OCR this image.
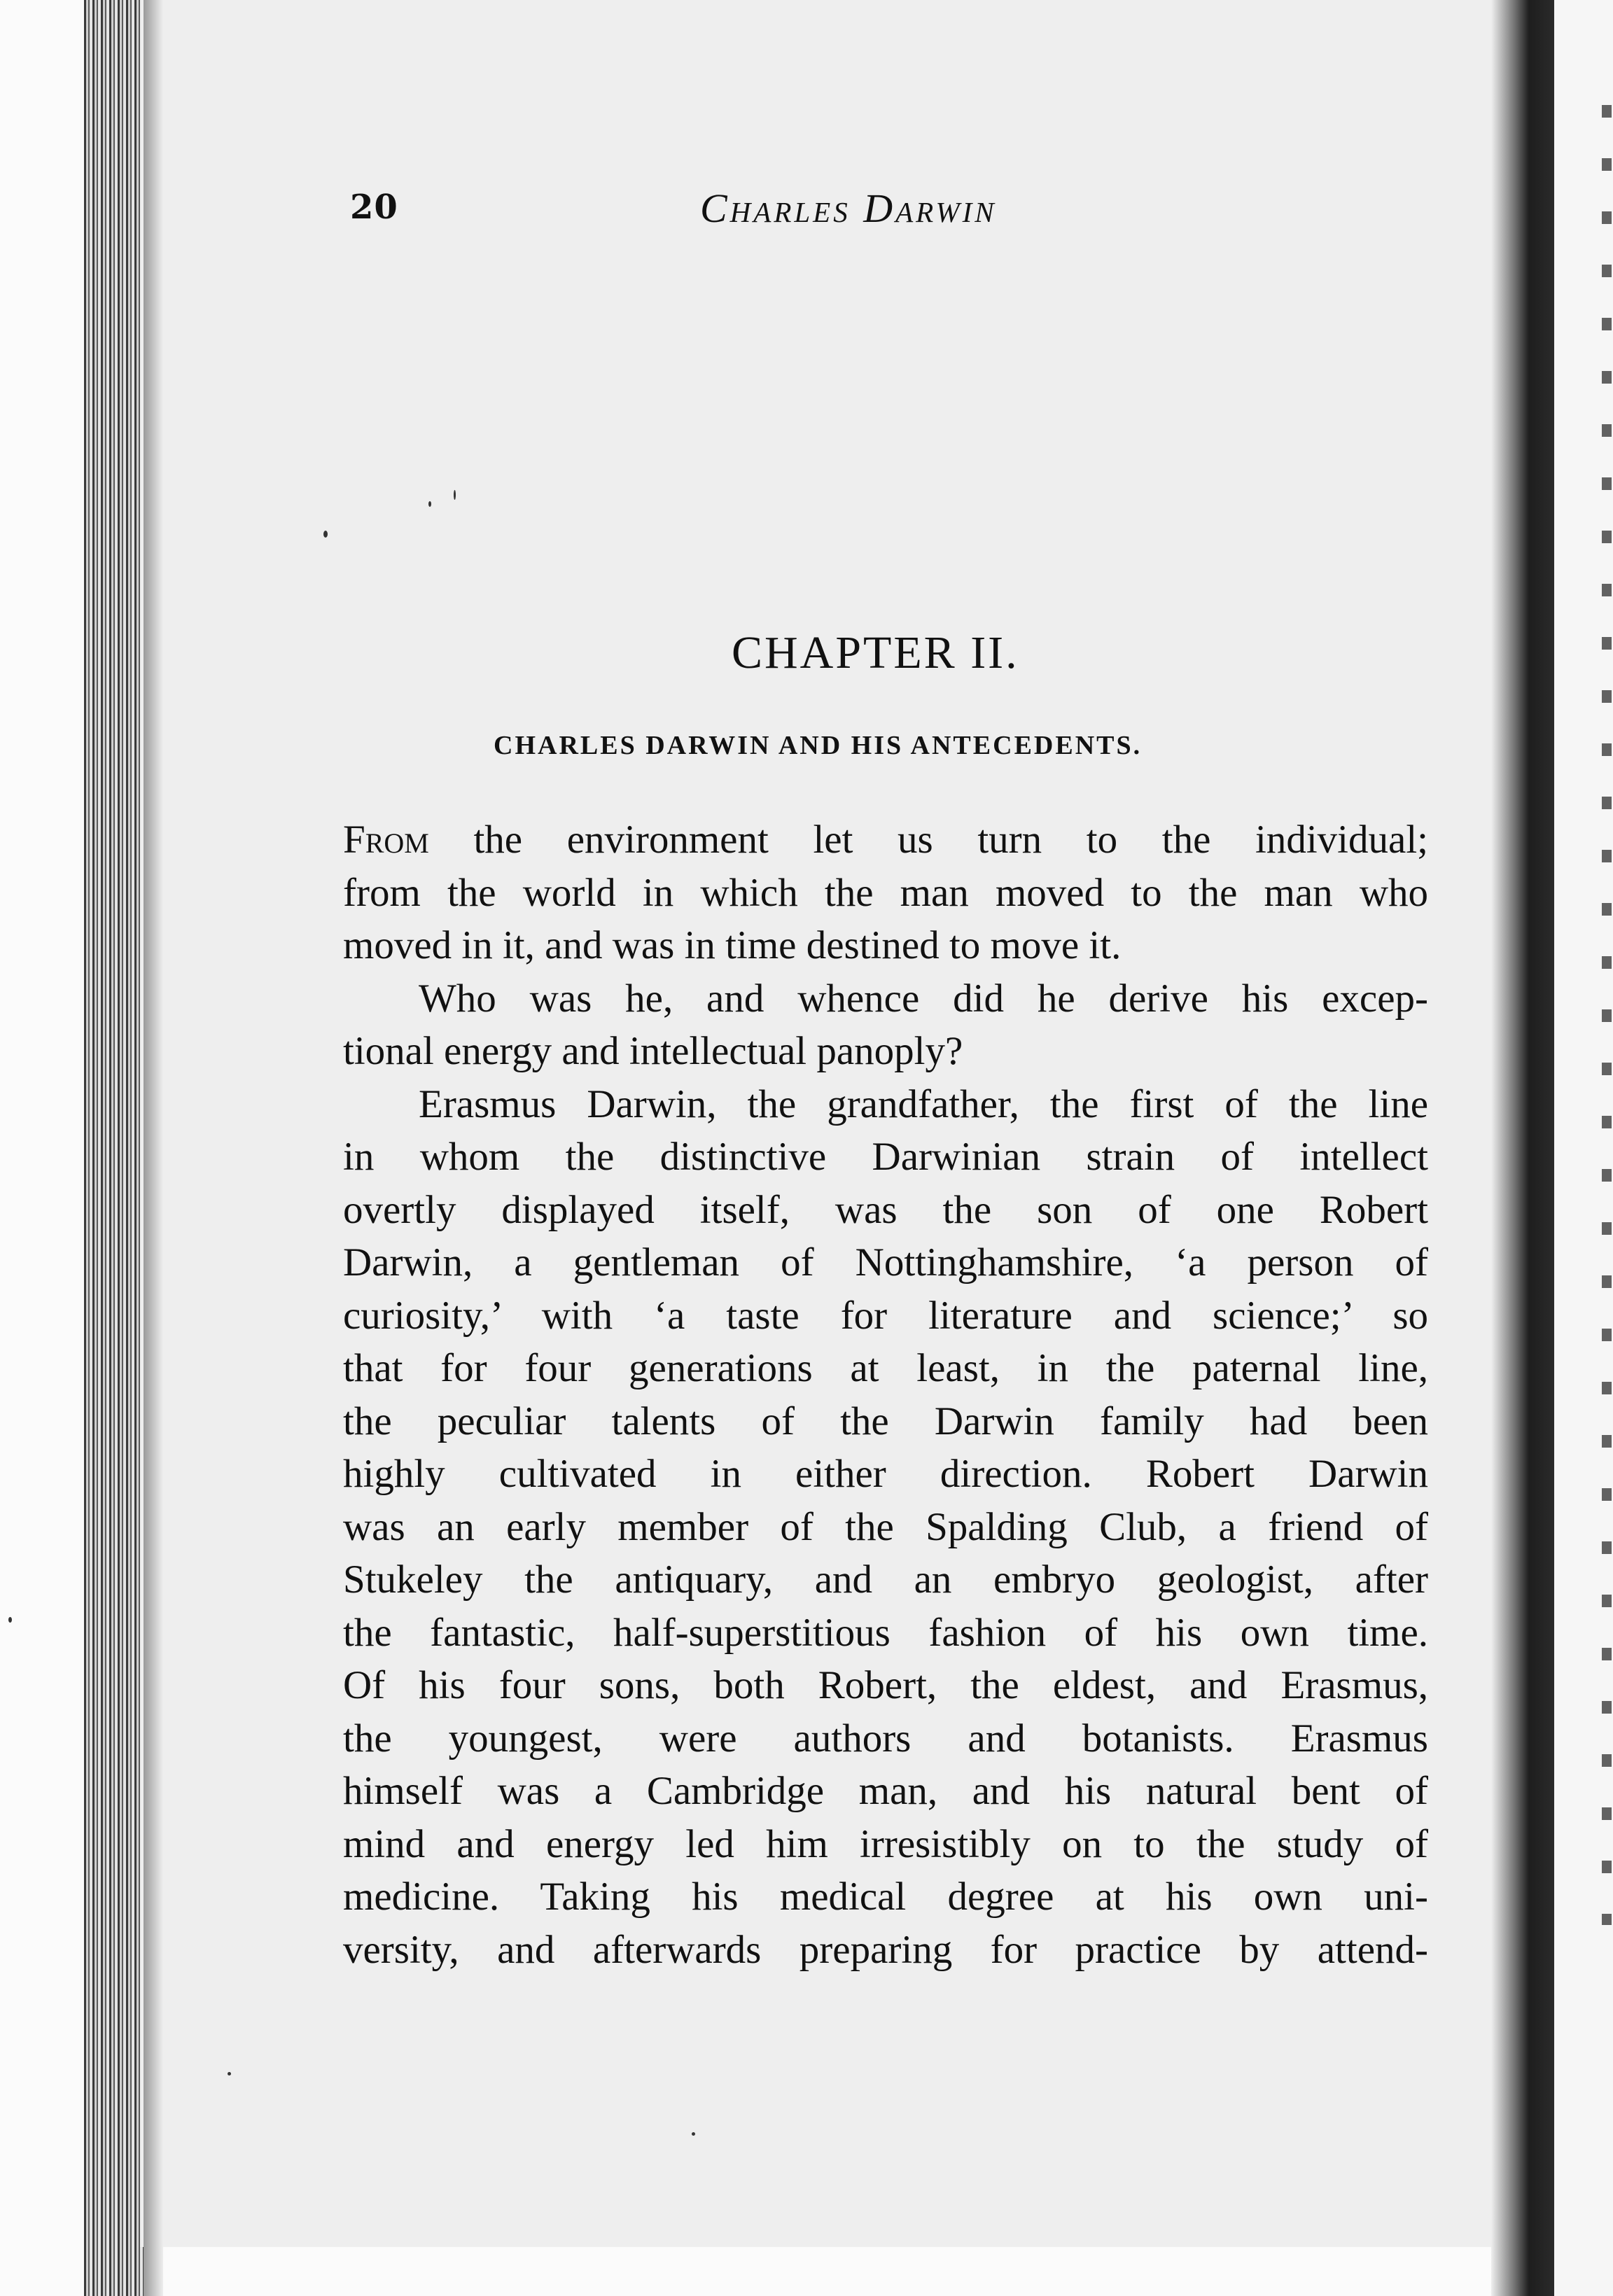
20	Charles Darwin
CHAPTER II.
CHARLES DARWIN AND HIS ANTECEDENTS.
From the environment let us turn to the individual;
from the world in which the man moved to the man who
moved in it, and was in time destined to move it.
Who was he, and whence did he derive his excep-
tional energy and intellectual panoply?
Erasmus Darwin, the grandfather, the first of the line
in whom the distinctive Darwinian strain of intellect
overtly displayed itself, was the son of one Robert
Darwin, a gentleman of Nottinghamshire, ‘a person of
curiosity,’ with ‘a taste for literature and science;’ so
that for four generations at least, in the paternal line,
the peculiar talents of the Darwin family had been
highly cultivated in either direction. Robert Darwin
was an early member of the Spalding Club, a friend of
Stukeley the antiquary, and an embryo geologist, after
the fantastic, half-superstitious fashion of his own time.
Of his four sons, both Robert, the eldest, and Erasmus,
the youngest, were authors and botanists. Erasmus
himself was a Cambridge man, and his natural bent of
mind and energy led him irresistibly on to the study of
medicine. Taking his medical degree at his own uni-
versity, and afterwards preparing for practice by attend-
